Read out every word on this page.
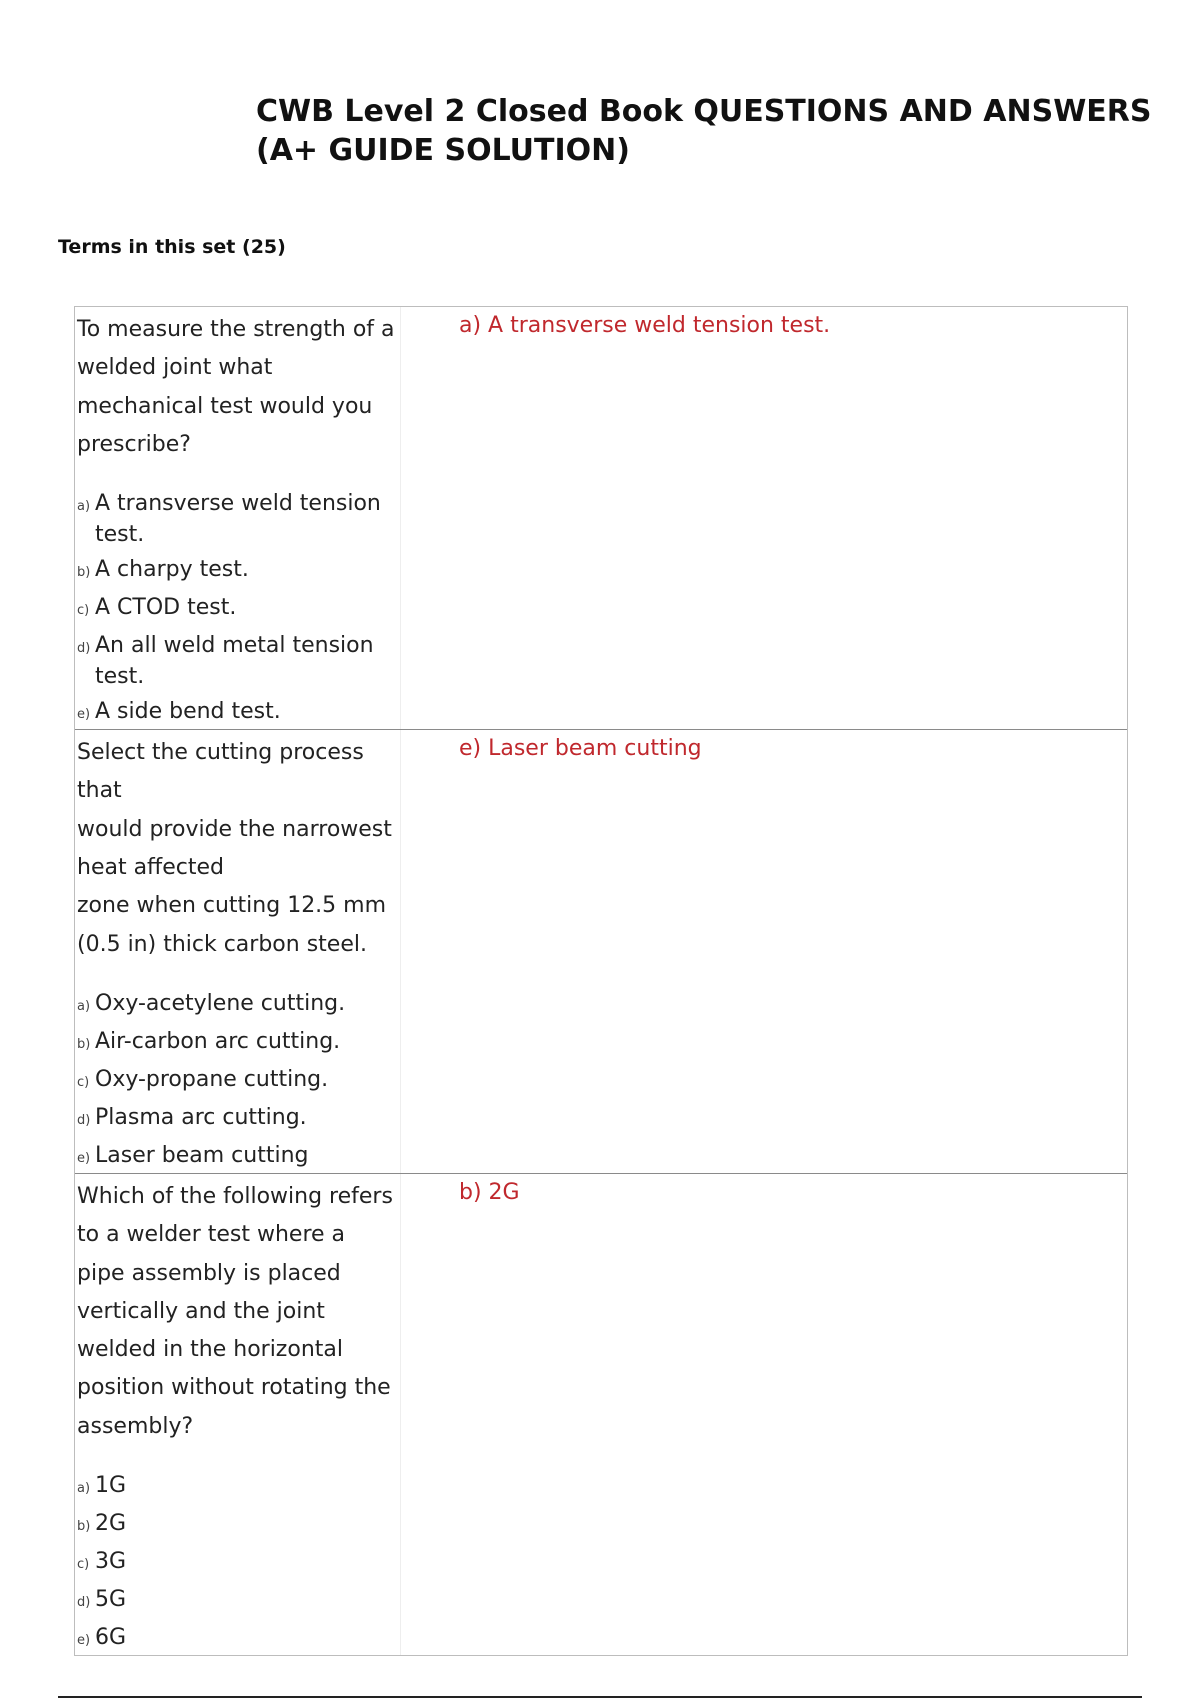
CWB Level 2 Closed Book QUESTIONS AND ANSWERS (A+ GUIDE SOLUTION)
Terms in this set (25)

To measure the strength of a
welded joint what
mechanical test would you
prescribe?

a) A transverse weld tension test.
b) A charpy test.
c) A CTOD test.
d) An all weld metal tension test.
e) A side bend test.
a) A transverse weld tension test.

Select the cutting process that
would provide the narrowest
heat affected
zone when cutting 12.5 mm
(0.5 in) thick carbon steel.

a) Oxy-acetylene cutting.
b) Air-carbon arc cutting.
c) Oxy-propane cutting.
d) Plasma arc cutting.
e) Laser beam cutting
e) Laser beam cutting

Which of the following refers
to a welder test where a
pipe assembly is placed
vertically and the joint
welded in the horizontal
position without rotating the
assembly?

a) 1G
b) 2G
c) 3G
d) 5G
e) 6G
b) 2G
